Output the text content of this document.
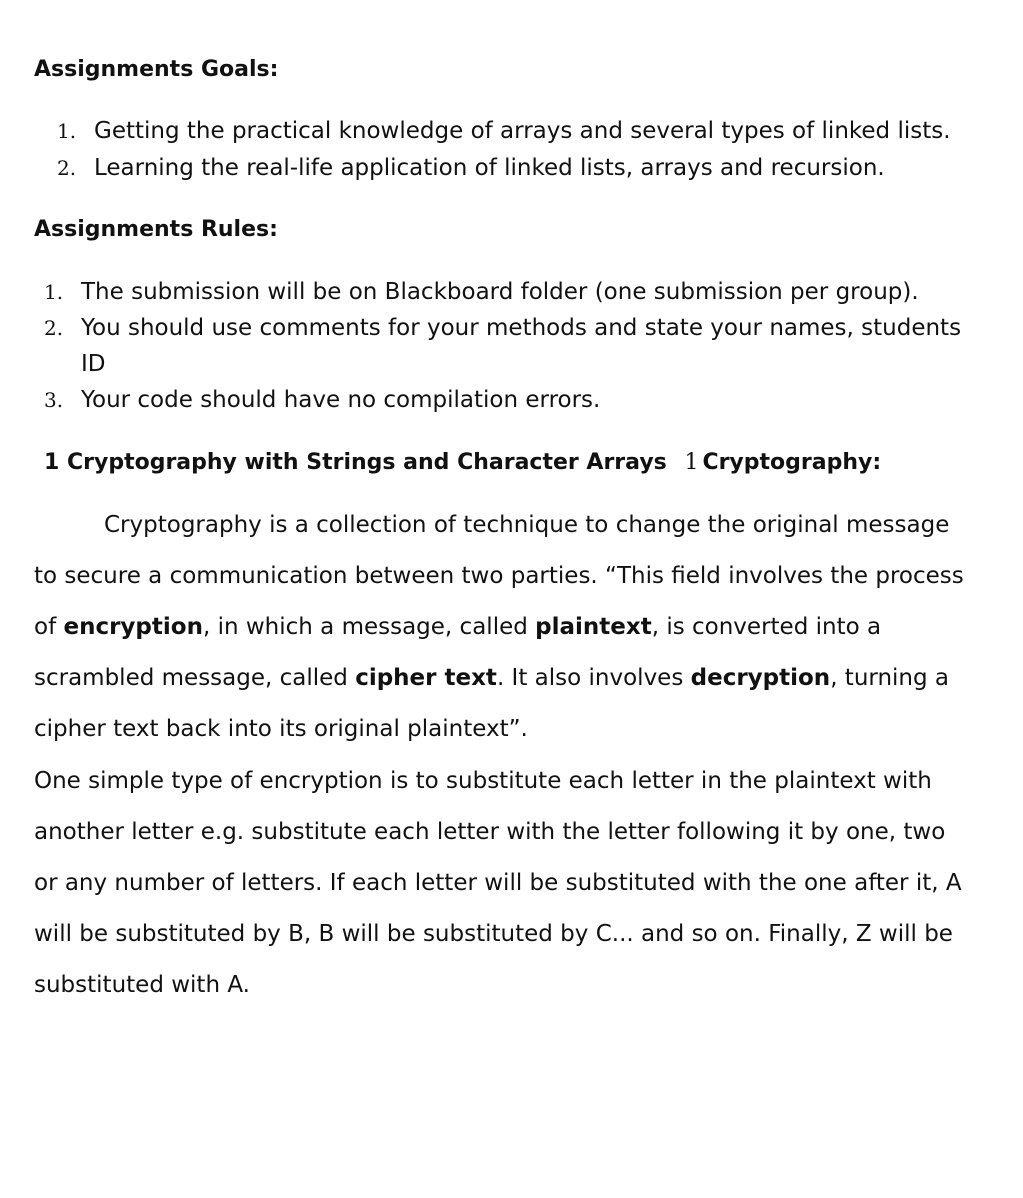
Assignments Goals:
1. Getting the practical knowledge of arrays and several types of linked lists.
2. Learning the real-life application of linked lists, arrays and recursion.
Assignments Rules:
1. The submission will be on Blackboard folder (one submission per group).
2. You should use comments for your methods and state your names, students
ID
3. Your code should have no compilation errors.
1 Cryptography with Strings and Character Arrays 1 Cryptography:

Cryptography is a collection of technique to change the original message to secure a communication between two parties. “This field involves the process of encryption, in which a message, called plaintext, is converted into a scrambled message, called cipher text. It also involves decryption, turning a cipher text back into its original plaintext”.

One simple type of encryption is to substitute each letter in the plaintext with another letter e.g. substitute each letter with the letter following it by one, two or any number of letters. If each letter will be substituted with the one after it, A will be substituted by B, B will be substituted by C... and so on. Finally, Z will be substituted with A.
